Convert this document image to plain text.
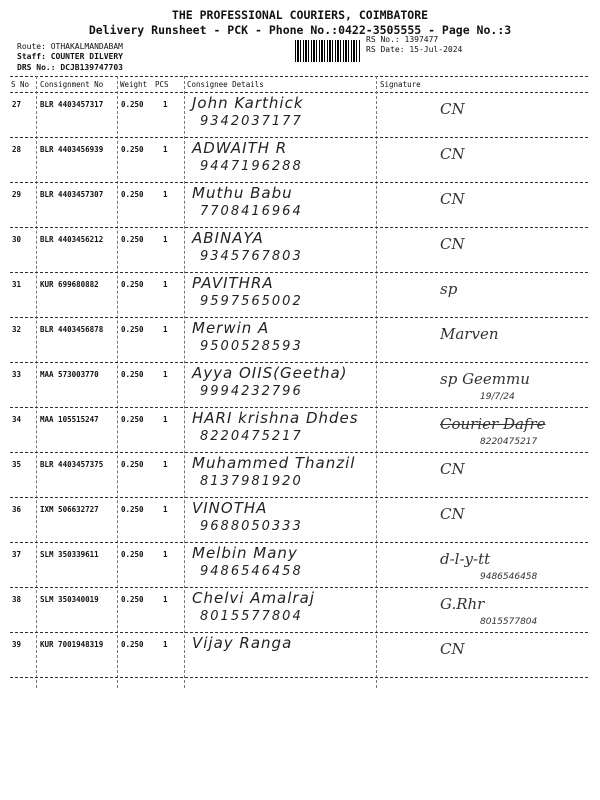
THE PROFESSIONAL COURIERS, COIMBATORE
Delivery Runsheet - PCK - Phone No.:0422-3505555 - Page No.:3
Route: OTHAKALMANDABAM
Staff: COUNTER DILVERY
DRS No.: DCJB139747703
RS No.: 1397477
RS Date: 15-Jul-2024
S No Consignment No Weight PCS Consignee Details	Signature
27	BLR 4403457317 0.250	1 John Karthick
9342037177
CN
28	BLR 4403456939 0.250	1 ADWAITH R
9447196288
CN
29	BLR 4403457307 0.250	1 Muthu Babu
7708416964
CN
30	BLR 4403456212 0.250	1 ABINAYA
9345767803
CN
31	KUR 699680882	0.250	1 PAVITHRA
9597565002
sp
32	BLR 4403456878 0.250	1 Merwin A
9500528593
Marven
33	MAA 573003770	0.250	1 Ayya OIIS(Geetha)
9994232796
sp Geemmu
19/7/24
34	MAA 105515247	0.250	1 HARI krishna Dhdes
8220475217
Courier Dafre
8220475217
35	BLR 4403457375 0.250	1 Muhammed Thanzil
8137981920
CN
36	IXM 506632727	0.250	1 VINOTHA
9688050333
CN
37	SLM 350339611	0.250	1 Melbin Many
9486546458
d-l-y-tt
9486546458
38	SLM 350340019	0.250	1 Chelvi Amalraj
8015577804
G.Rhr
8015577804
39	KUR 7001948319 0.250	1 Vijay Ranga	CN
